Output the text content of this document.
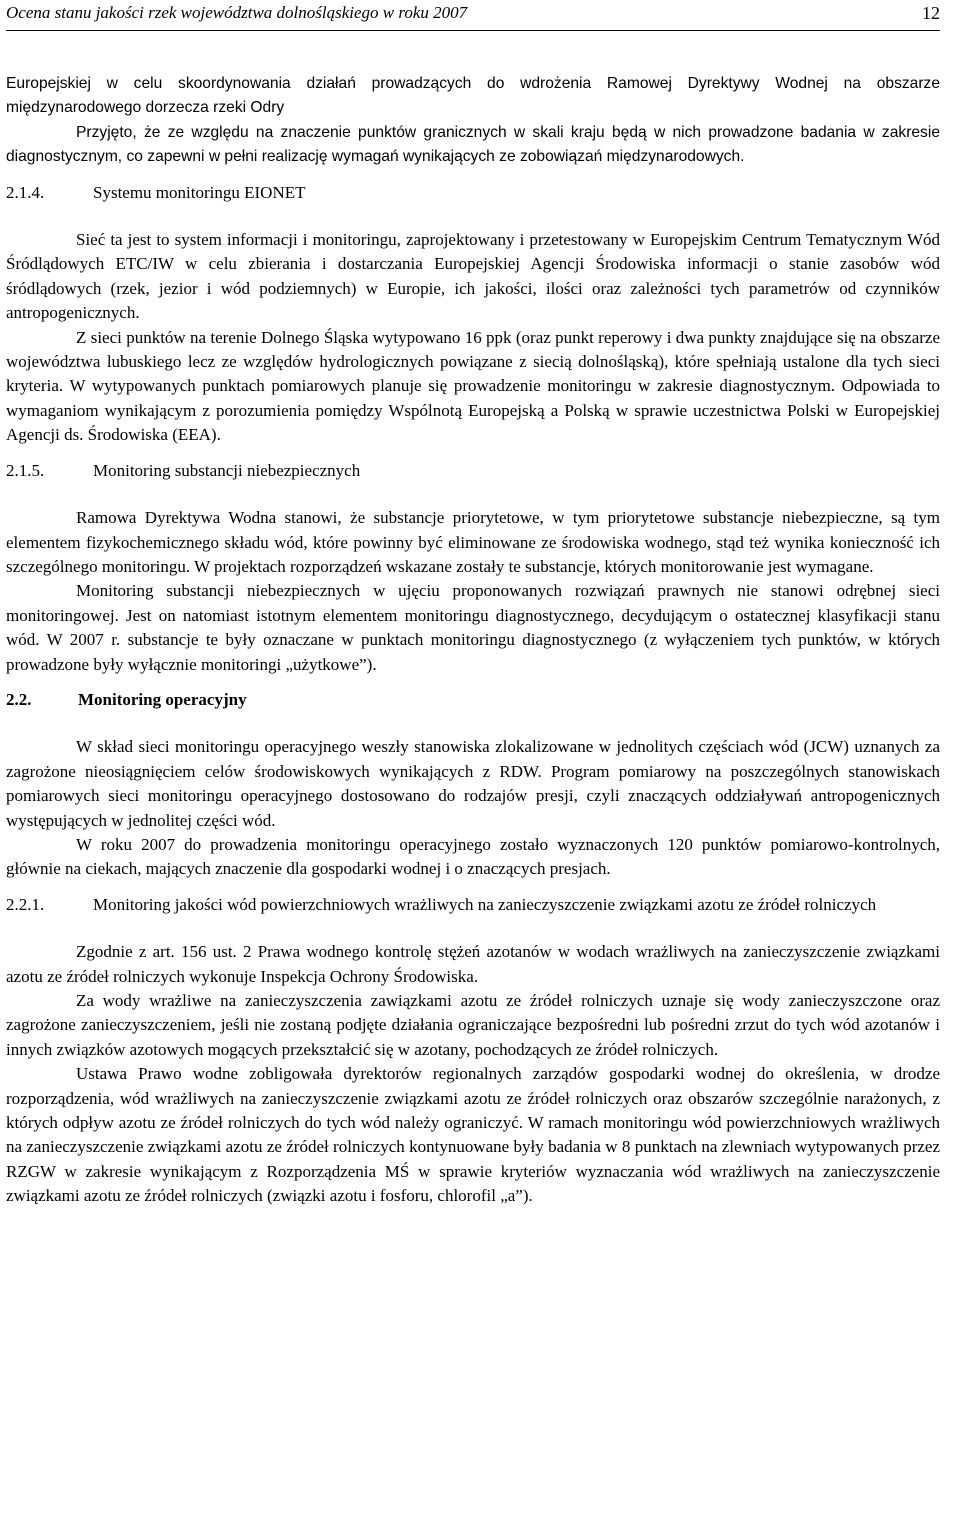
Ocena stanu jakości rzek województwa dolnośląskiego w roku 2007	12

Europejskiej w celu skoordynowania działań prowadzących do wdrożenia Ramowej Dyrektywy Wodnej na obszarze międzynarodowego dorzecza rzeki Odry

Przyjęto, że ze względu na znaczenie punktów granicznych w skali kraju będą w nich prowadzone badania w zakresie diagnostycznym, co zapewni w pełni realizację wymagań wynikających ze zobowiązań międzynarodowych.

2.1.4.	Systemu monitoringu EIONET

Sieć ta jest to system informacji i monitoringu, zaprojektowany i przetestowany w Europejskim Centrum Tematycznym Wód Śródlądowych ETC/IW w celu zbierania i dostarczania Europejskiej Agencji Środowiska informacji o stanie zasobów wód śródlądowych (rzek, jezior i wód podziemnych) w Europie, ich jakości, ilości oraz zależności tych parametrów od czynników antropogenicznych.

Z sieci punktów na terenie Dolnego Śląska wytypowano 16 ppk (oraz punkt reperowy i dwa punkty znajdujące się na obszarze województwa lubuskiego lecz ze względów hydrologicznych powiązane z siecią dolnośląską), które spełniają ustalone dla tych sieci kryteria. W wytypowanych punktach pomiarowych planuje się prowadzenie monitoringu w zakresie diagnostycznym. Odpowiada to wymaganiom wynikającym z porozumienia pomiędzy Wspólnotą Europejską a Polską w sprawie uczestnictwa Polski w Europejskiej Agencji ds. Środowiska (EEA).

2.1.5.	Monitoring substancji niebezpiecznych

Ramowa Dyrektywa Wodna stanowi, że substancje priorytetowe, w tym priorytetowe substancje niebezpieczne, są tym elementem fizykochemicznego składu wód, które powinny być eliminowane ze środowiska wodnego, stąd też wynika konieczność ich szczególnego monitoringu. W projektach rozporządzeń wskazane zostały te substancje, których monitorowanie jest wymagane.

Monitoring substancji niebezpiecznych w ujęciu proponowanych rozwiązań prawnych nie stanowi odrębnej sieci monitoringowej. Jest on natomiast istotnym elementem monitoringu diagnostycznego, decydującym o ostatecznej klasyfikacji stanu wód. W 2007 r. substancje te były oznaczane w punktach monitoringu diagnostycznego (z wyłączeniem tych punktów, w których prowadzone były wyłącznie monitoringi „użytkowe”).

2.2.	Monitoring operacyjny

W skład sieci monitoringu operacyjnego weszły stanowiska zlokalizowane w jednolitych częściach wód (JCW) uznanych za zagrożone nieosiągnięciem celów środowiskowych wynikających z RDW. Program pomiarowy na poszczególnych stanowiskach pomiarowych sieci monitoringu operacyjnego dostosowano do rodzajów presji, czyli znaczących oddziaływań antropogenicznych występujących w jednolitej części wód.

W roku 2007 do prowadzenia monitoringu operacyjnego zostało wyznaczonych 120 punktów pomiarowo-kontrolnych, głównie na ciekach, mających znaczenie dla gospodarki wodnej i o znaczących presjach.

2.2.1.	Monitoring jakości wód powierzchniowych wrażliwych na zanieczyszczenie związkami azotu ze źródeł rolniczych

Zgodnie z art. 156 ust. 2 Prawa wodnego kontrolę stężeń azotanów w wodach wrażliwych na zanieczyszczenie związkami azotu ze źródeł rolniczych wykonuje Inspekcja Ochrony Środowiska.

Za wody wrażliwe na zanieczyszczenia zawiązkami azotu ze źródeł rolniczych uznaje się wody zanieczyszczone oraz zagrożone zanieczyszczeniem, jeśli nie zostaną podjęte działania ograniczające bezpośredni lub pośredni zrzut do tych wód azotanów i innych związków azotowych mogących przekształcić się w azotany, pochodzących ze źródeł rolniczych.

Ustawa Prawo wodne zobligowała dyrektorów regionalnych zarządów gospodarki wodnej do określenia, w drodze rozporządzenia, wód wrażliwych na zanieczyszczenie związkami azotu ze źródeł rolniczych oraz obszarów szczególnie narażonych, z których odpływ azotu ze źródeł rolniczych do tych wód należy ograniczyć. W ramach monitoringu wód powierzchniowych wrażliwych na zanieczyszczenie związkami azotu ze źródeł rolniczych kontynuowane były badania w 8 punktach na zlewniach wytypowanych przez RZGW w zakresie wynikającym z Rozporządzenia MŚ w sprawie kryteriów wyznaczania wód wrażliwych na zanieczyszczenie związkami azotu ze źródeł rolniczych (związki azotu i fosforu, chlorofil „a”).
